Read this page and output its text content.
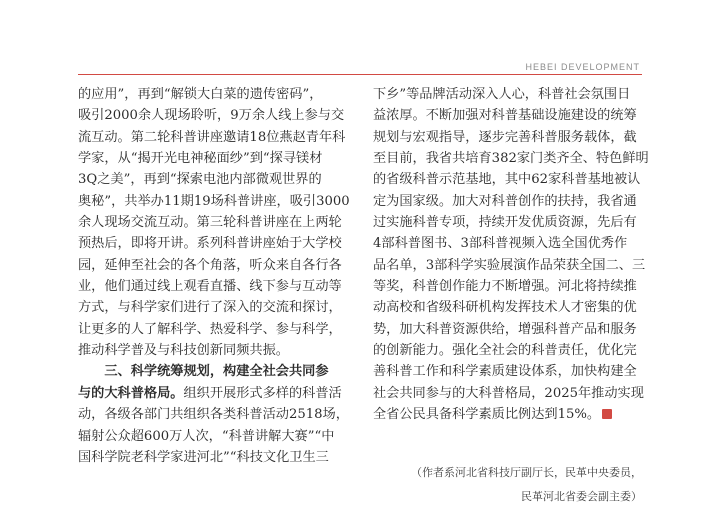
HEBEI DEVELOPMENT

的应用”，再到“解锁大白菜的遗传密码”，

吸引2000余人现场聆听，9万余人线上参与交

流互动。第二轮科普讲座邀请18位燕赵青年科

学家，从“揭开光电神秘面纱”到“探寻镁材

3Q之美”，再到“探索电池内部微观世界的

奥秘”，共举办11期19场科普讲座，吸引3000

余人现场交流互动。第三轮科普讲座在上两轮

预热后，即将开讲。系列科普讲座始于大学校

园，延伸至社会的各个角落，听众来自各行各

业，他们通过线上观看直播、线下参与互动等

方式，与科学家们进行了深入的交流和探讨，

让更多的人了解科学、热爱科学、参与科学，

推动科学普及与科技创新同频共振。

　　三、科学统筹规划，构建全社会共同参

与的大科普格局。组织开展形式多样的科普活

动，各级各部门共组织各类科普活动2518场，

辐射公众超600万人次，“科普讲解大赛”“中

国科学院老科学家进河北”“科技文化卫生三

下乡”等品牌活动深入人心，科普社会氛围日

益浓厚。不断加强对科普基础设施建设的统筹

规划与宏观指导，逐步完善科普服务载体，截

至目前，我省共培育382家门类齐全、特色鲜明

的省级科普示范基地，其中62家科普基地被认

定为国家级。加大对科普创作的扶持，我省通

过实施科普专项，持续开发优质资源，先后有

4部科普图书、3部科普视频入选全国优秀作

品名单，3部科学实验展演作品荣获全国二、三

等奖，科普创作能力不断增强。河北将持续推

动高校和省级科研机构发挥技术人才密集的优

势，加大科普资源供给，增强科普产品和服务

的创新能力。强化全社会的科普责任，优化完

善科普工作和科学素质建设体系，加快构建全

社会共同参与的大科普格局，2025年推动实现

全省公民具备科学素质比例达到15%。

（作者系河北省科技厅副厅长，民革中央委员，
民革河北省委会副主委）
